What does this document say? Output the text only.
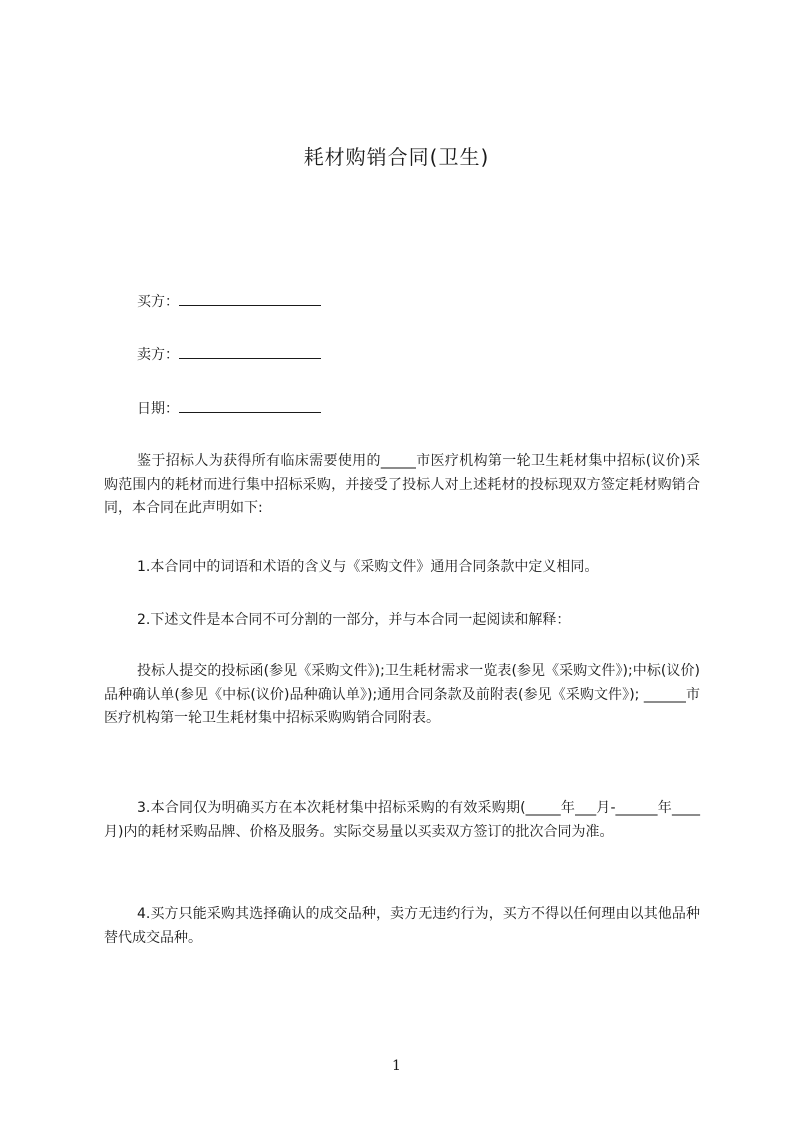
耗材购销合同(卫生)
买方：
卖方：
日期：

鉴于招标人为获得所有临床需要使用的_____市医疗机构第一轮卫生耗材集中招标(议价)采购范围内的耗材而进行集中招标采购，并接受了投标人对上述耗材的投标现双方签定耗材购销合同，本合同在此声明如下:

1.本合同中的词语和术语的含义与《采购文件》通用合同条款中定义相同。

2.下述文件是本合同不可分割的一部分，并与本合同一起阅读和解释：

投标人提交的投标函(参见《采购文件》);卫生耗材需求一览表(参见《采购文件》);中标(议价)品种确认单(参见《中标(议价)品种确认单》);通用合同条款及前附表(参见《采购文件》); ______市医疗机构第一轮卫生耗材集中招标采购购销合同附表。

3.本合同仅为明确买方在本次耗材集中招标采购的有效采购期(_____年___月-______年____月)内的耗材采购品牌、价格及服务。实际交易量以买卖双方签订的批次合同为准。

4.买方只能采购其选择确认的成交品种，卖方无违约行为，买方不得以任何理由以其他品种替代成交品种。

1
